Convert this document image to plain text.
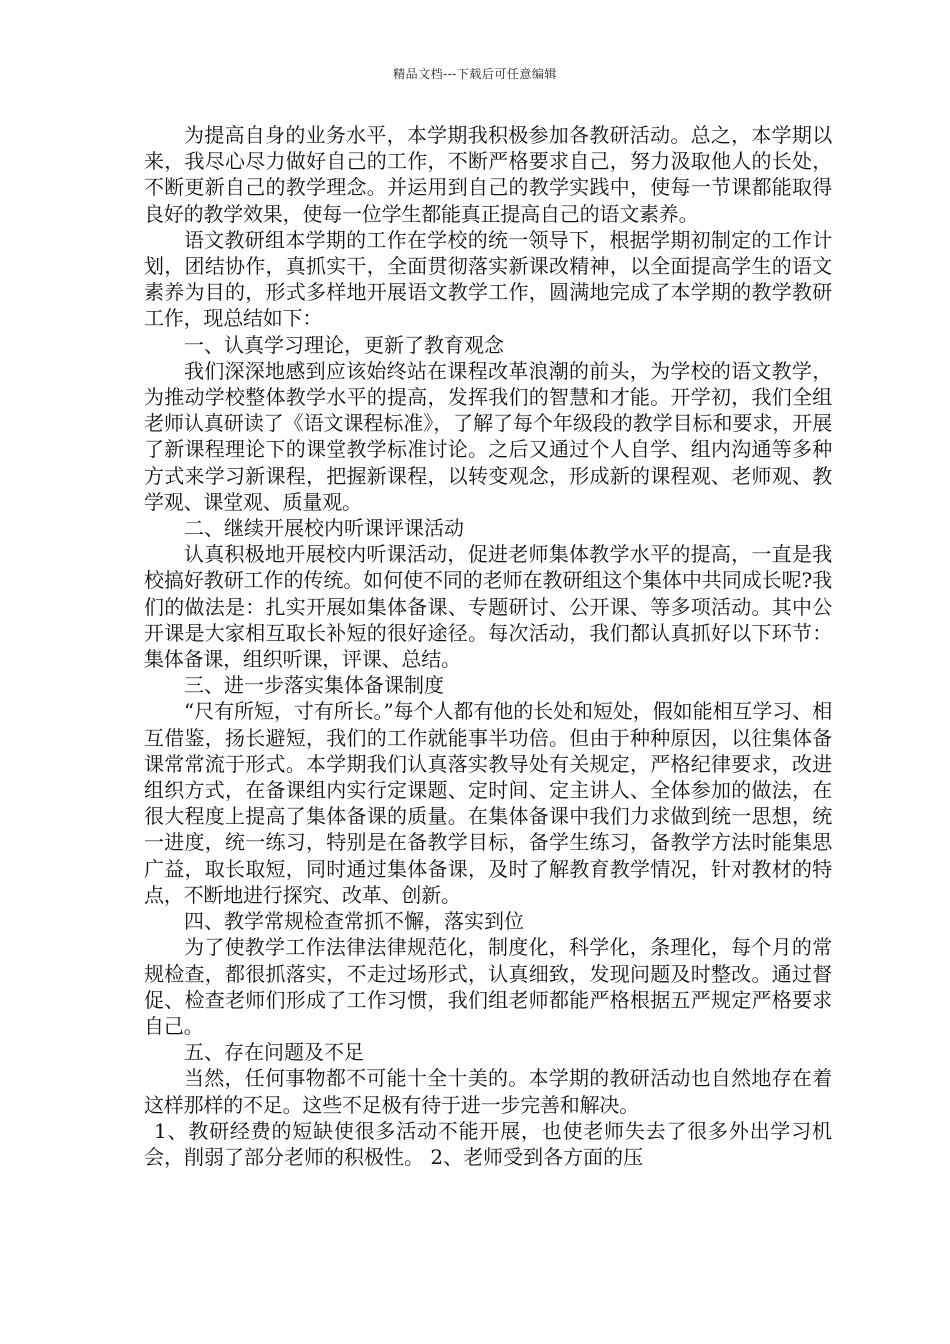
精品文档---下载后可任意编辑

为提高自身的业务水平，本学期我积极参加各教研活动。总之，本学期以来，我尽心尽力做好自己的工作，不断严格要求自己，努力汲取他人的长处，不断更新自己的教学理念。并运用到自己的教学实践中，使每一节课都能取得良好的教学效果，使每一位学生都能真正提高自己的语文素养。

语文教研组本学期的工作在学校的统一领导下，根据学期初制定的工作计划，团结协作，真抓实干，全面贯彻落实新课改精神，以全面提高学生的语文素养为目的，形式多样地开展语文教学工作，圆满地完成了本学期的教学教研工作，现总结如下：

一、认真学习理论，更新了教育观念

我们深深地感到应该始终站在课程改革浪潮的前头，为学校的语文教学，为推动学校整体教学水平的提高，发挥我们的智慧和才能。开学初，我们全组老师认真研读了《语文课程标准》，了解了每个年级段的教学目标和要求，开展了新课程理论下的课堂教学标准讨论。之后又通过个人自学、组内沟通等多种方式来学习新课程，把握新课程，以转变观念，形成新的课程观、老师观、教学观、课堂观、质量观。

二、继续开展校内听课评课活动

认真积极地开展校内听课活动，促进老师集体教学水平的提高，一直是我校搞好教研工作的传统。如何使不同的老师在教研组这个集体中共同成长呢?我们的做法是：扎实开展如集体备课、专题研讨、公开课、等多项活动。其中公开课是大家相互取长补短的很好途径。每次活动，我们都认真抓好以下环节：集体备课，组织听课，评课、总结。

三、进一步落实集体备课制度

“尺有所短，寸有所长。”每个人都有他的长处和短处，假如能相互学习、相互借鉴，扬长避短，我们的工作就能事半功倍。但由于种种原因，以往集体备课常常流于形式。本学期我们认真落实教导处有关规定，严格纪律要求，改进组织方式，在备课组内实行定课题、定时间、定主讲人、全体参加的做法，在很大程度上提高了集体备课的质量。在集体备课中我们力求做到统一思想，统一进度，统一练习，特别是在备教学目标，备学生练习，备教学方法时能集思广益，取长取短，同时通过集体备课，及时了解教育教学情况，针对教材的特点，不断地进行探究、改革、创新。

四、教学常规检查常抓不懈，落实到位

为了使教学工作法律法律规范化，制度化，科学化，条理化，每个月的常规检查，都很抓落实，不走过场形式，认真细致，发现问题及时整改。通过督促、检查老师们形成了工作习惯，我们组老师都能严格根据五严规定严格要求自己。

五、存在问题及不足

当然，任何事物都不可能十全十美的。本学期的教研活动也自然地存在着这样那样的不足。这些不足极有待于进一步完善和解决。

1、教研经费的短缺使很多活动不能开展，也使老师失去了很多外出学习机会，削弱了部分老师的积极性。 2、老师受到各方面的压
